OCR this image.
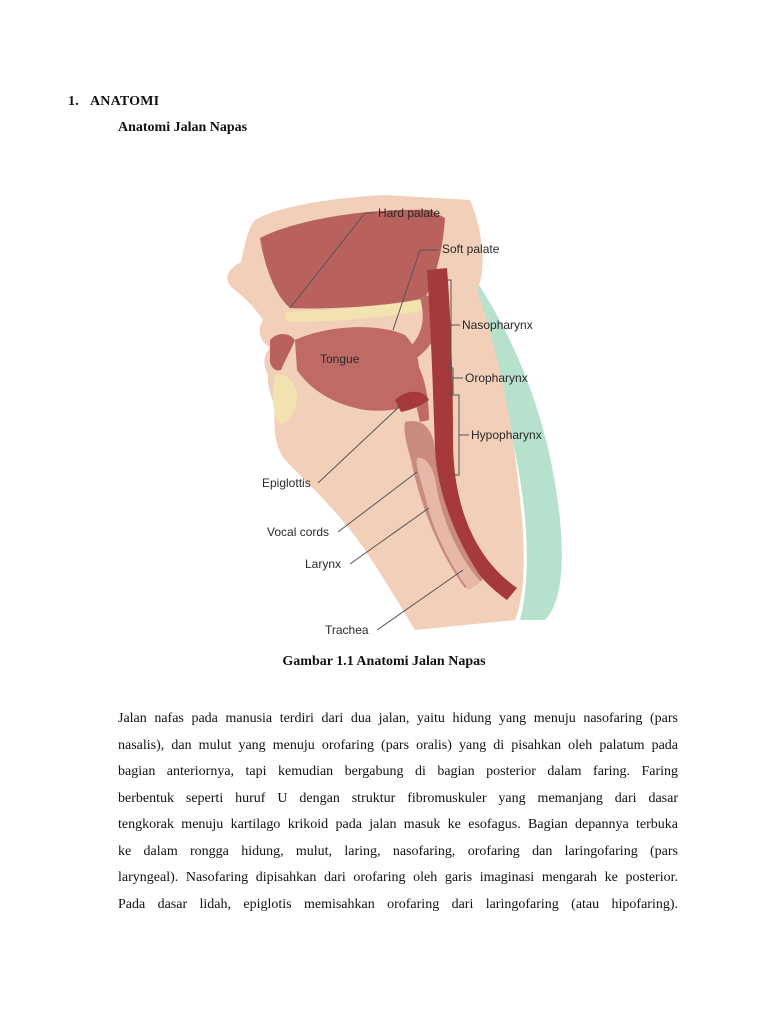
1. ANATOMI
Anatomi Jalan Napas
Hard palate
Soft palate
Nasopharynx
Tongue
Oropharynx
Hypopharynx
Epiglottis
Vocal cords
Larynx
Trachea
Gambar 1.1 Anatomi Jalan Napas
Jalan nafas pada manusia terdiri dari dua jalan, yaitu hidung yang menuju nasofaring (pars
nasalis), dan mulut yang menuju orofaring (pars oralis) yang di pisahkan oleh palatum pada
bagian anteriornya, tapi kemudian bergabung di bagian posterior dalam faring. Faring
berbentuk seperti huruf U dengan struktur fibromuskuler yang memanjang dari dasar
tengkorak menuju kartilago krikoid pada jalan masuk ke esofagus. Bagian depannya terbuka
ke dalam rongga hidung, mulut, laring, nasofaring, orofaring dan laringofaring (pars
laryngeal). Nasofaring dipisahkan dari orofaring oleh garis imaginasi mengarah ke posterior.
Pada dasar lidah, epiglotis memisahkan orofaring dari laringofaring (atau hipofaring).
